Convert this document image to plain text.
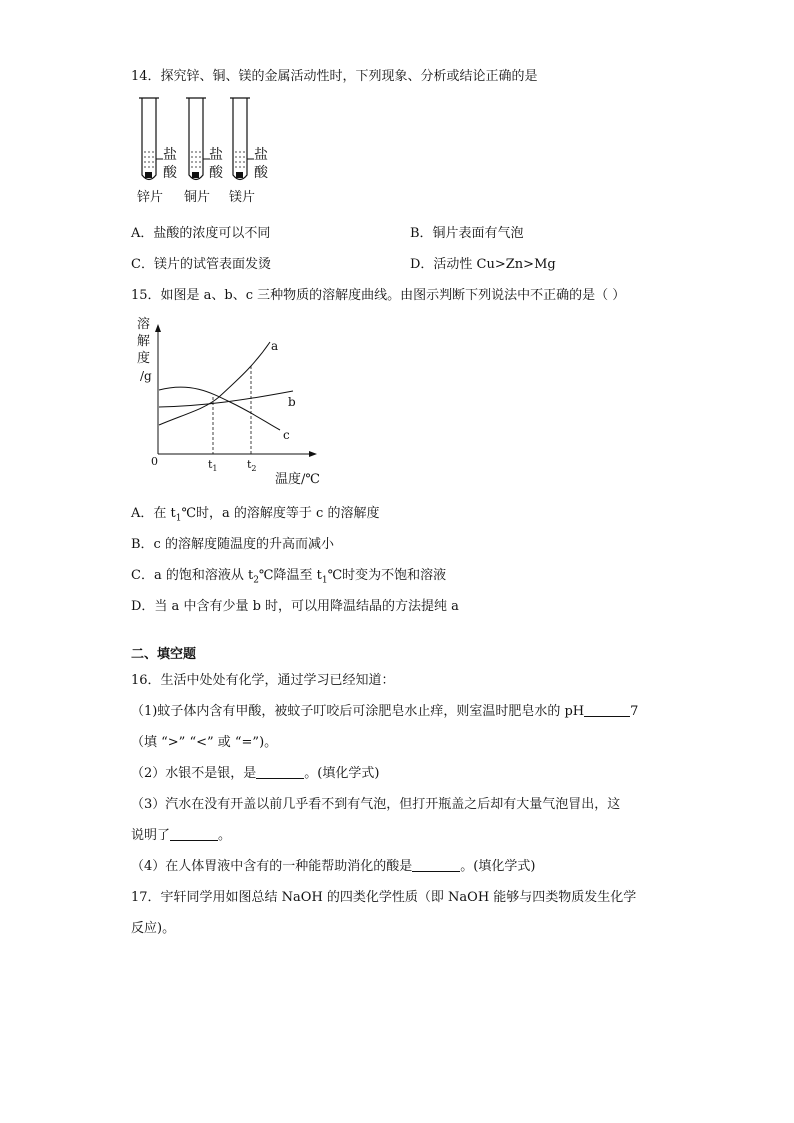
14．探究锌、铜、镁的金属活动性时，下列现象、分析或结论正确的是
盐
酸
盐
酸
盐
酸
锌片 铜片 镁片
A．盐酸的浓度可以不同	B．铜片表面有气泡
C．镁片的试管表面发烫	D．活动性 Cu>Zn>Mg
15．如图是 a、b、c 三种物质的溶解度曲线。由图示判断下列说法中不正确的是（ ）
溶
解
度
/g
0
a
b
c
$t_1$	$t_2$
温度/℃
A．在 $t_1℃$时，a 的溶解度等于 c 的溶解度
B．c 的溶解度随温度的升高而减小
C．a 的饱和溶液从 $t_2℃$降温至 $t_1℃$时变为不饱和溶液
D．当 a 中含有少量 b 时，可以用降温结晶的方法提纯 a
二、填空题
16．生活中处处有化学，通过学习已经知道：
（1)蚊子体内含有甲酸，被蚊子叮咬后可涂肥皂水止痒，则室温时肥皂水的 pH	7
（填 “>” “<” 或 “=”)。
（2）水银不是银，是	。(填化学式)
（3）汽水在没有开盖以前几乎看不到有气泡，但打开瓶盖之后却有大量气泡冒出，这
说明了	。
（4）在人体胃液中含有的一种能帮助消化的酸是	。(填化学式)
17．宇轩同学用如图总结 NaOH 的四类化学性质（即 NaOH 能够与四类物质发生化学
反应)。
